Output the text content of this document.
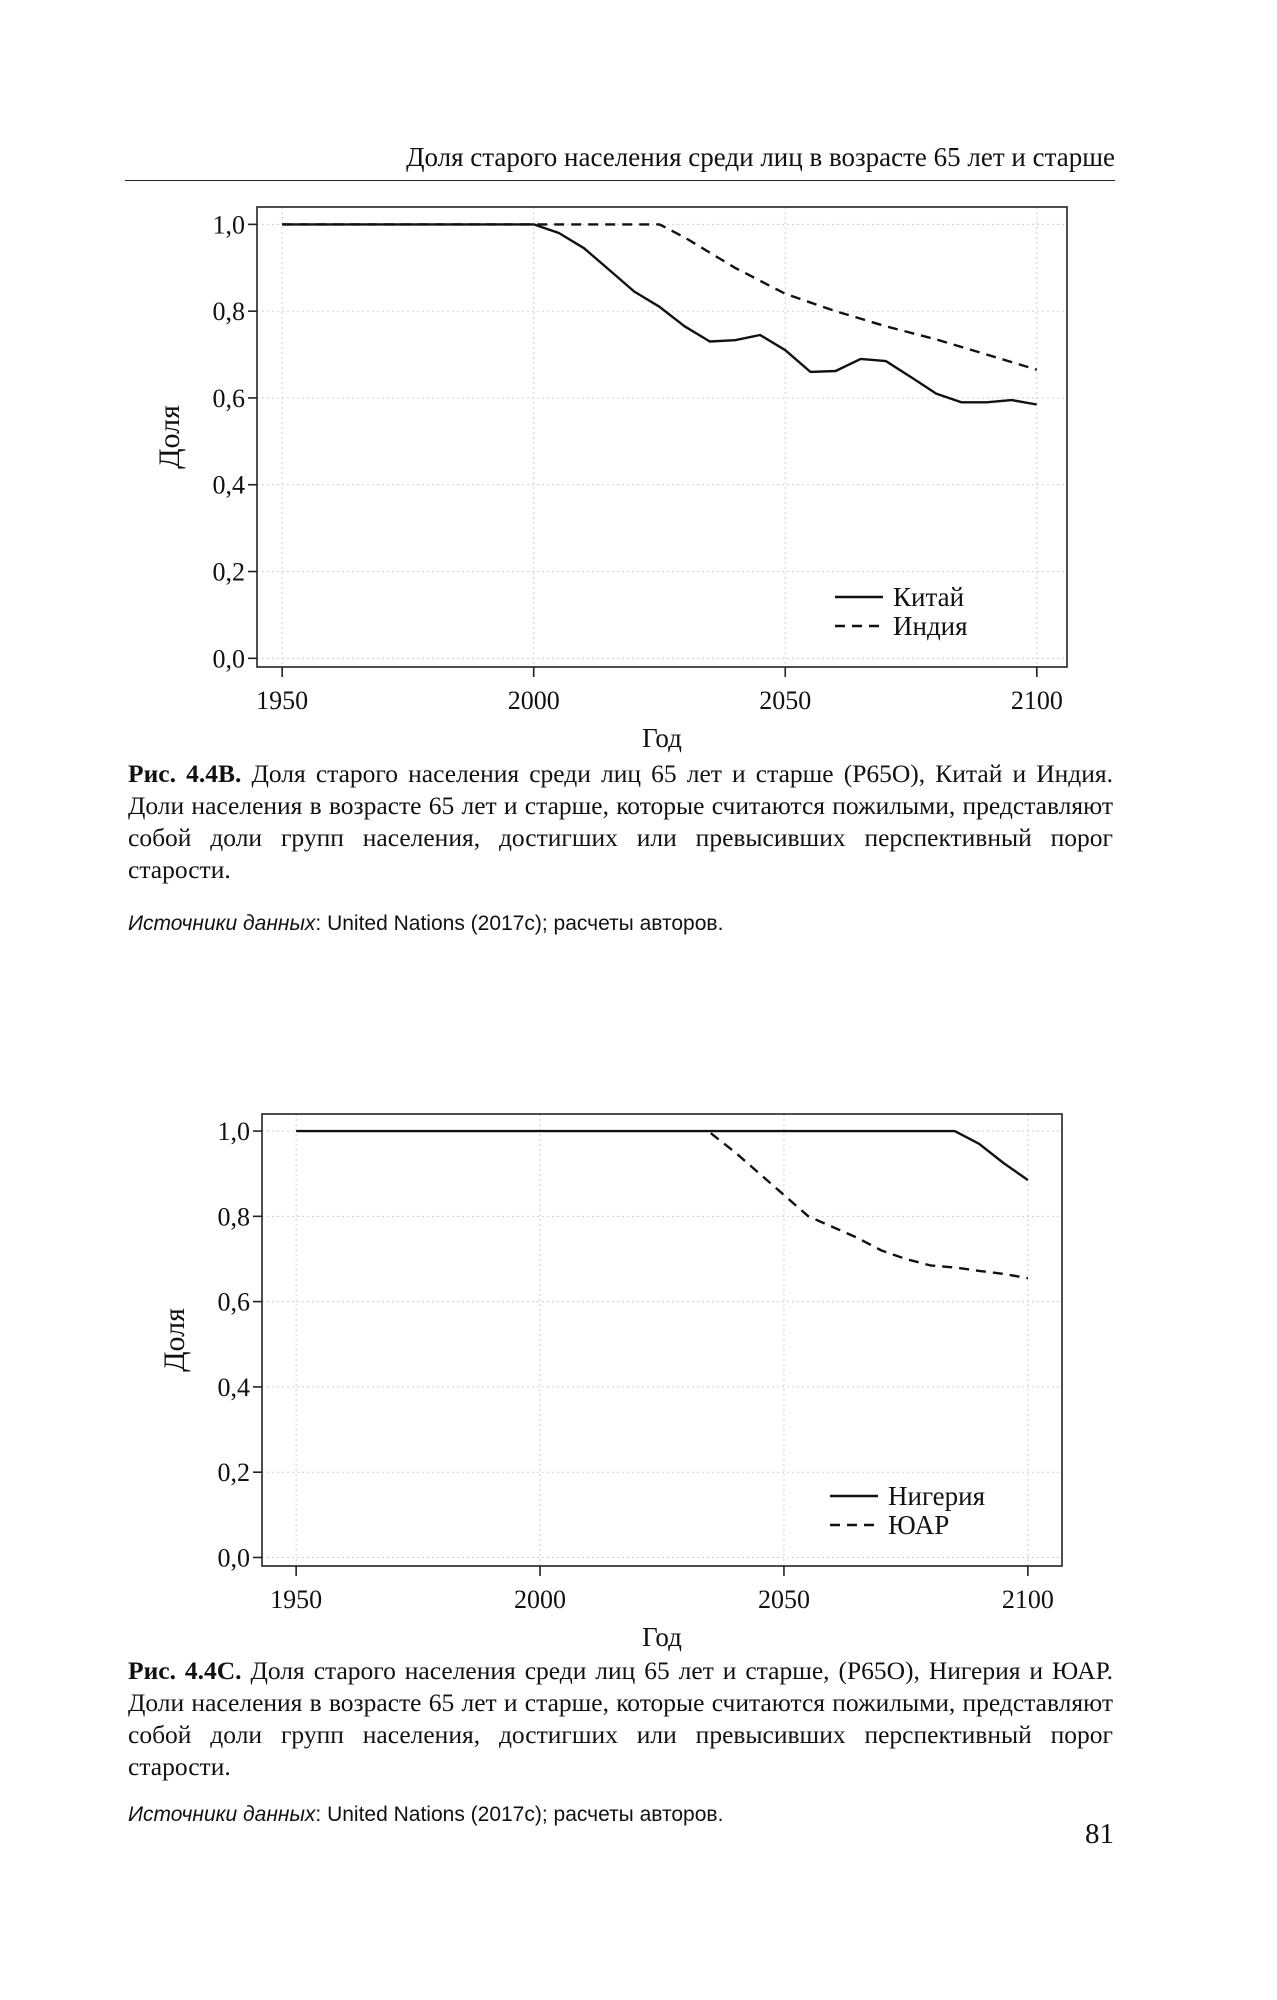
Доля старого населения среди лиц в возрасте 65 лет и старше
0,0
0,2
0,4
0,6
0,8
1,0
1950	2000	2050	2100
Год
Доля
Китай
Индия

Рис. 4.4В. Доля старого населения среди лиц 65 лет и старше (P65O), Китай и Индия. Доли населения в возрасте 65 лет и старше, которые считаются пожилыми, представляют собой доли групп населения, достигших или превысивших перспективный порог старости.

Источники данных: United Nations (2017c); расчеты авторов.
0,0
0,2
0,4
0,6
0,8
1,0
1950	2000	2050	2100
Год
Доля
Нигерия
ЮАР

Рис. 4.4С. Доля старого населения среди лиц 65 лет и старше, (P65O), Нигерия и ЮАР. Доли населения в возрасте 65 лет и старше, которые считаются пожилыми, представляют собой доли групп населения, достигших или превысивших перспективный порог старости.

Источники данных: United Nations (2017c); расчеты авторов.
81
